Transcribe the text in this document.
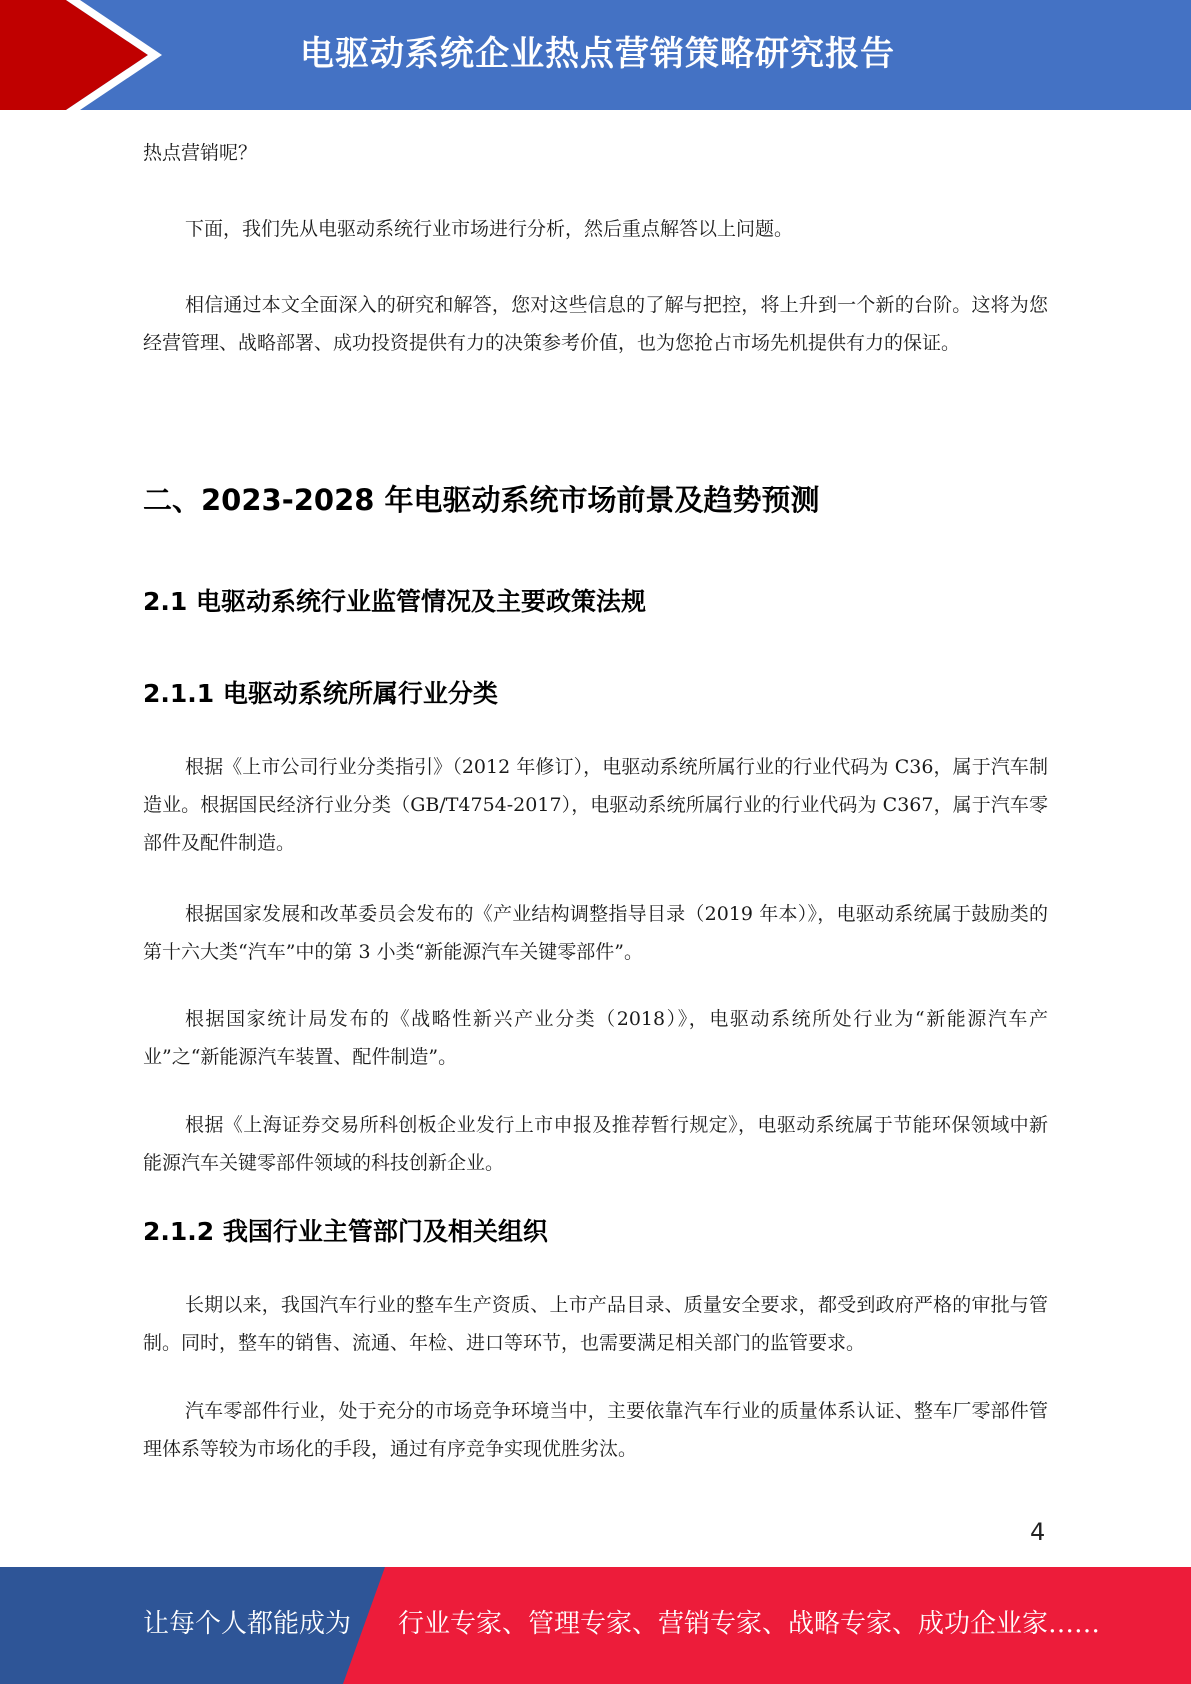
电驱动系统企业热点营销策略研究报告

热点营销呢？

下面，我们先从电驱动系统行业市场进行分析，然后重点解答以上问题。

相信通过本文全面深入的研究和解答，您对这些信息的了解与把控，将上升到一个新的台阶。这将为您经营管理、战略部署、成功投资提供有力的决策参考价值，也为您抢占市场先机提供有力的保证。

二、2023-2028 年电驱动系统市场前景及趋势预测
2.1 电驱动系统行业监管情况及主要政策法规
2.1.1 电驱动系统所属行业分类

根据《上市公司行业分类指引》（2012 年修订），电驱动系统所属行业的行业代码为 C36，属于汽车制造业。根据国民经济行业分类（GB/T4754-2017），电驱动系统所属行业的行业代码为 C367，属于汽车零部件及配件制造。

根据国家发展和改革委员会发布的《产业结构调整指导目录（2019 年本）》，电驱动系统属于鼓励类的第十六大类“汽车”中的第 3 小类“新能源汽车关键零部件”。

根据国家统计局发布的《战略性新兴产业分类（2018）》，电驱动系统所处行业为“新能源汽车产业”之“新能源汽车装置、配件制造”。

根据《上海证券交易所科创板企业发行上市申报及推荐暂行规定》，电驱动系统属于节能环保领域中新能源汽车关键零部件领域的科技创新企业。

2.1.2 我国行业主管部门及相关组织

长期以来，我国汽车行业的整车生产资质、上市产品目录、质量安全要求，都受到政府严格的审批与管制。同时，整车的销售、流通、年检、进口等环节，也需要满足相关部门的监管要求。

汽车零部件行业，处于充分的市场竞争环境当中，主要依靠汽车行业的质量体系认证、整车厂零部件管理体系等较为市场化的手段，通过有序竞争实现优胜劣汰。

4
让每个人都能成为 行业专家、管理专家、营销专家、战略专家、成功企业家……
